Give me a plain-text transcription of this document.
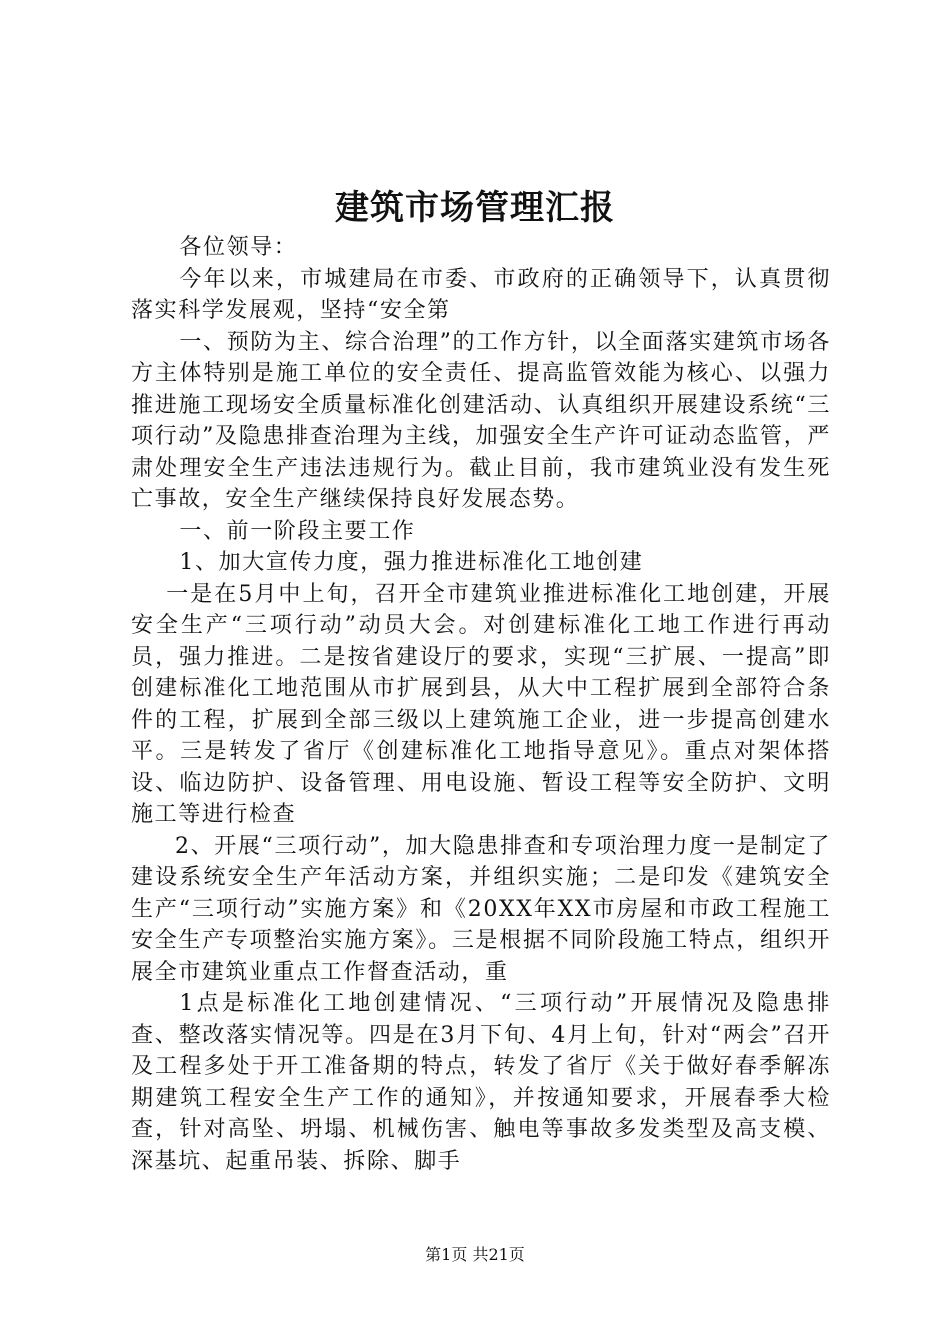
建筑市场管理汇报

各位领导：

今年以来，市城建局在市委、市政府的正确领导下，认真贯彻落实科学发展观，坚持“安全第

一、预防为主、综合治理”的工作方针，以全面落实建筑市场各方主体特别是施工单位的安全责任、提高监管效能为核心、以强力推进施工现场安全质量标准化创建活动、认真组织开展建设系统“三项行动”及隐患排查治理为主线，加强安全生产许可证动态监管，严肃处理安全生产违法违规行为。截止目前，我市建筑业没有发生死亡事故，安全生产继续保持良好发展态势。

一、前一阶段主要工作

1、加大宣传力度，强力推进标准化工地创建

一是在5月中上旬，召开全市建筑业推进标准化工地创建，开展安全生产“三项行动”动员大会。对创建标准化工地工作进行再动员，强力推进。二是按省建设厅的要求，实现“三扩展、一提高”即创建标准化工地范围从市扩展到县，从大中工程扩展到全部符合条件的工程，扩展到全部三级以上建筑施工企业，进一步提高创建水平。三是转发了省厅《创建标准化工地指导意见》。重点对架体搭设、临边防护、设备管理、用电设施、暂设工程等安全防护、文明施工等进行检查

2、开展“三项行动”，加大隐患排查和专项治理力度一是制定了建设系统安全生产年活动方案，并组织实施；二是印发《建筑安全生产“三项行动”实施方案》和《20XX年XX市房屋和市政工程施工安全生产专项整治实施方案》。三是根据不同阶段施工特点，组织开展全市建筑业重点工作督查活动，重

1点是标准化工地创建情况、“三项行动”开展情况及隐患排查、整改落实情况等。四是在3月下旬、4月上旬，针对“两会”召开及工程多处于开工准备期的特点，转发了省厅《关于做好春季解冻期建筑工程安全生产工作的通知》，并按通知要求，开展春季大检查，针对高坠、坍塌、机械伤害、触电等事故多发类型及高支模、深基坑、起重吊装、拆除、脚手

第1页 共21页
